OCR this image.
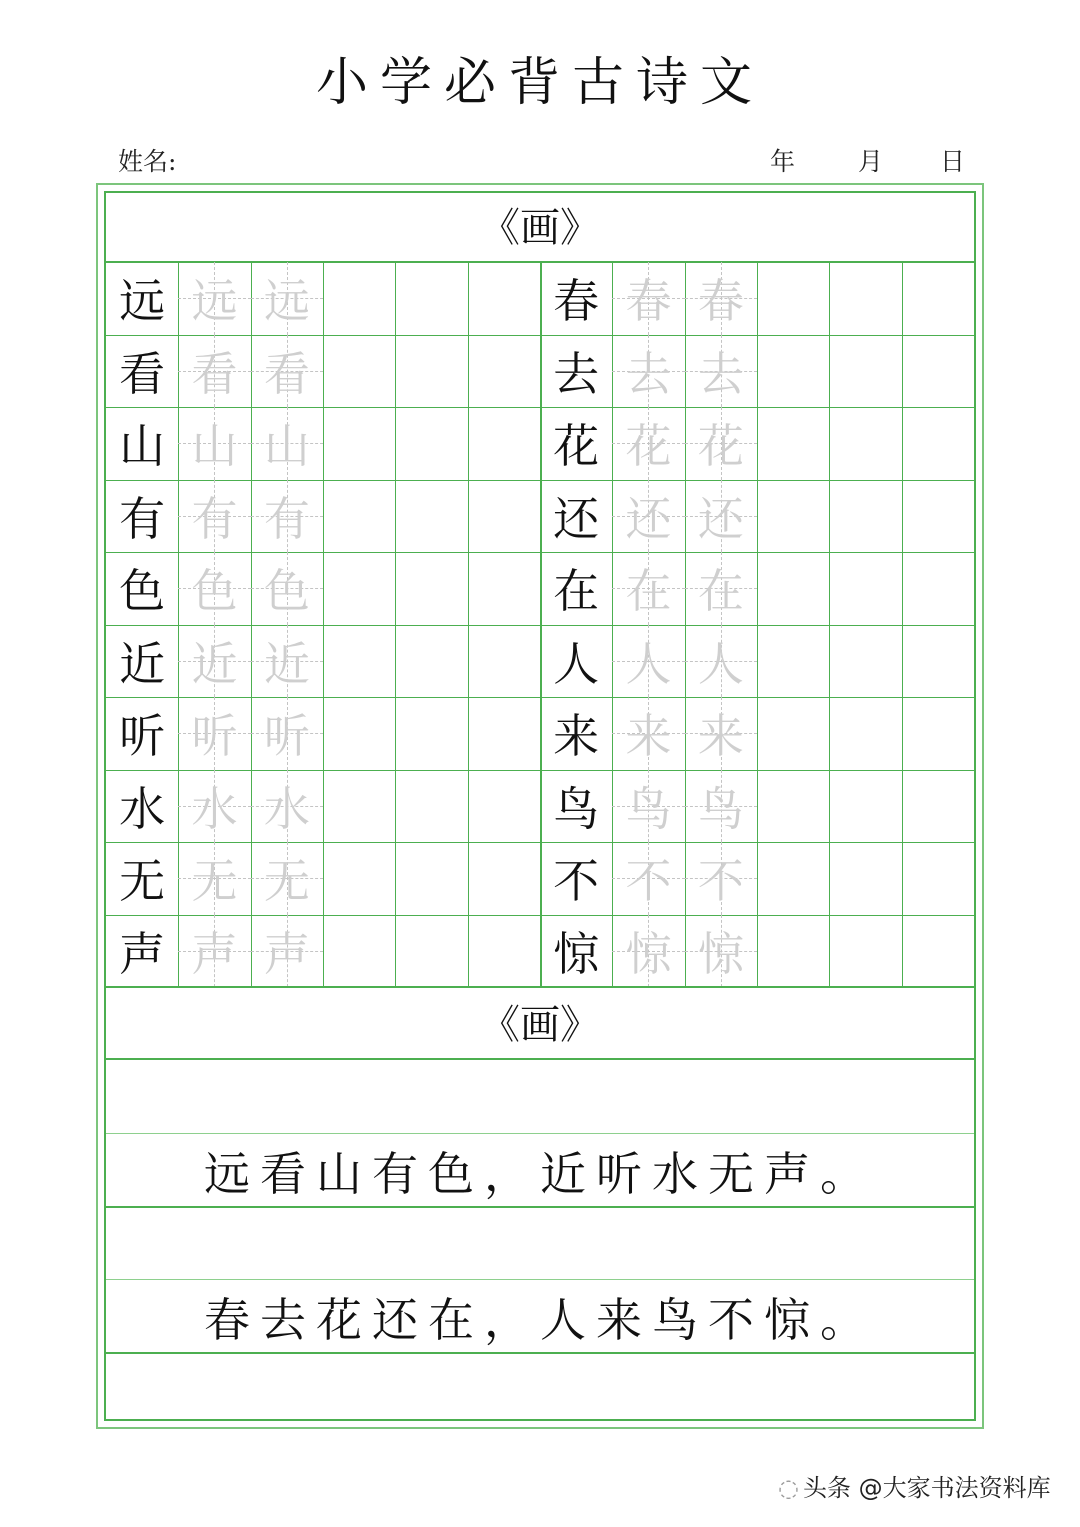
小学必背古诗文
姓名:	年	月 日
《画》
远 远 远
看 看 看
山 山 山
有 有 有
色 色 色
近 近 近
听 听 听
水 水 水
无 无 无
声 声 声
春 春 春
去 去 去
花 花 花
还 还 还
在 在 在
人 人 人
来 来 来
鸟 鸟 鸟
不 不 不
惊 惊 惊
《画》
远看山有色，近听水无声。
春去花还在，人来鸟不惊。
◌ 头条 @大家书法资料库
